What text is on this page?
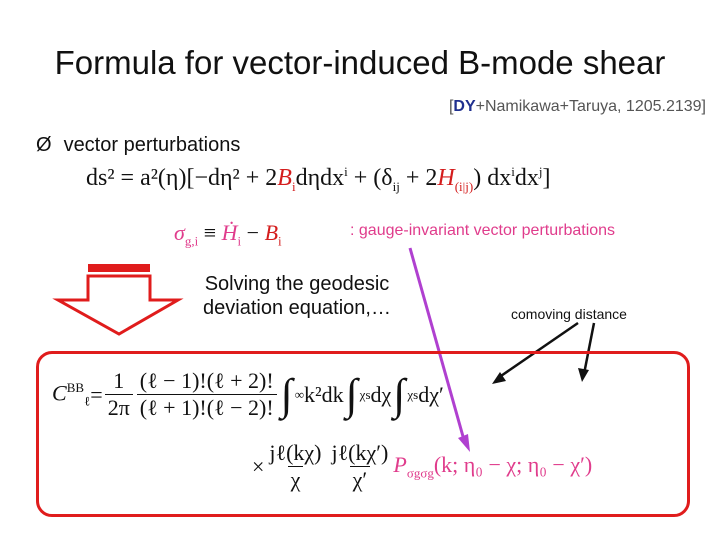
Formula for vector-induced B-mode shear
[DY+Namikawa+Taruya, 1205.2139]
Ø vector perturbations
$ds^2 = a^2(\eta)[-d\eta^2 + 2B_id\eta dx^i + (\delta_{ij} + 2H_{(i|j)})$ $dx^idx^j$]
$\sigma_{g,i}$ ≡ Ḣ$_i$ − $B_i$
: gauge-invariant vector perturbations
Solving the geodesic
deviation equation,…	comoving distance
$C^{BB}_\ell = \frac{1}{2\pi} \frac{\text{(ℓ − 1)!(ℓ + 2)!}}{\text{(ℓ + 1)!(ℓ − 2)!}}$ ∫ ∞ k²dk ∫ χs dχ ∫ χs dχ′
× $\frac{\text{jℓ(kχ)}}{\chi} \frac{\text{jℓ(kχ′)}}{\chi'} P_{\sigma g\sigma g}(k$; η₀ − χ; η₀ − χ′)
